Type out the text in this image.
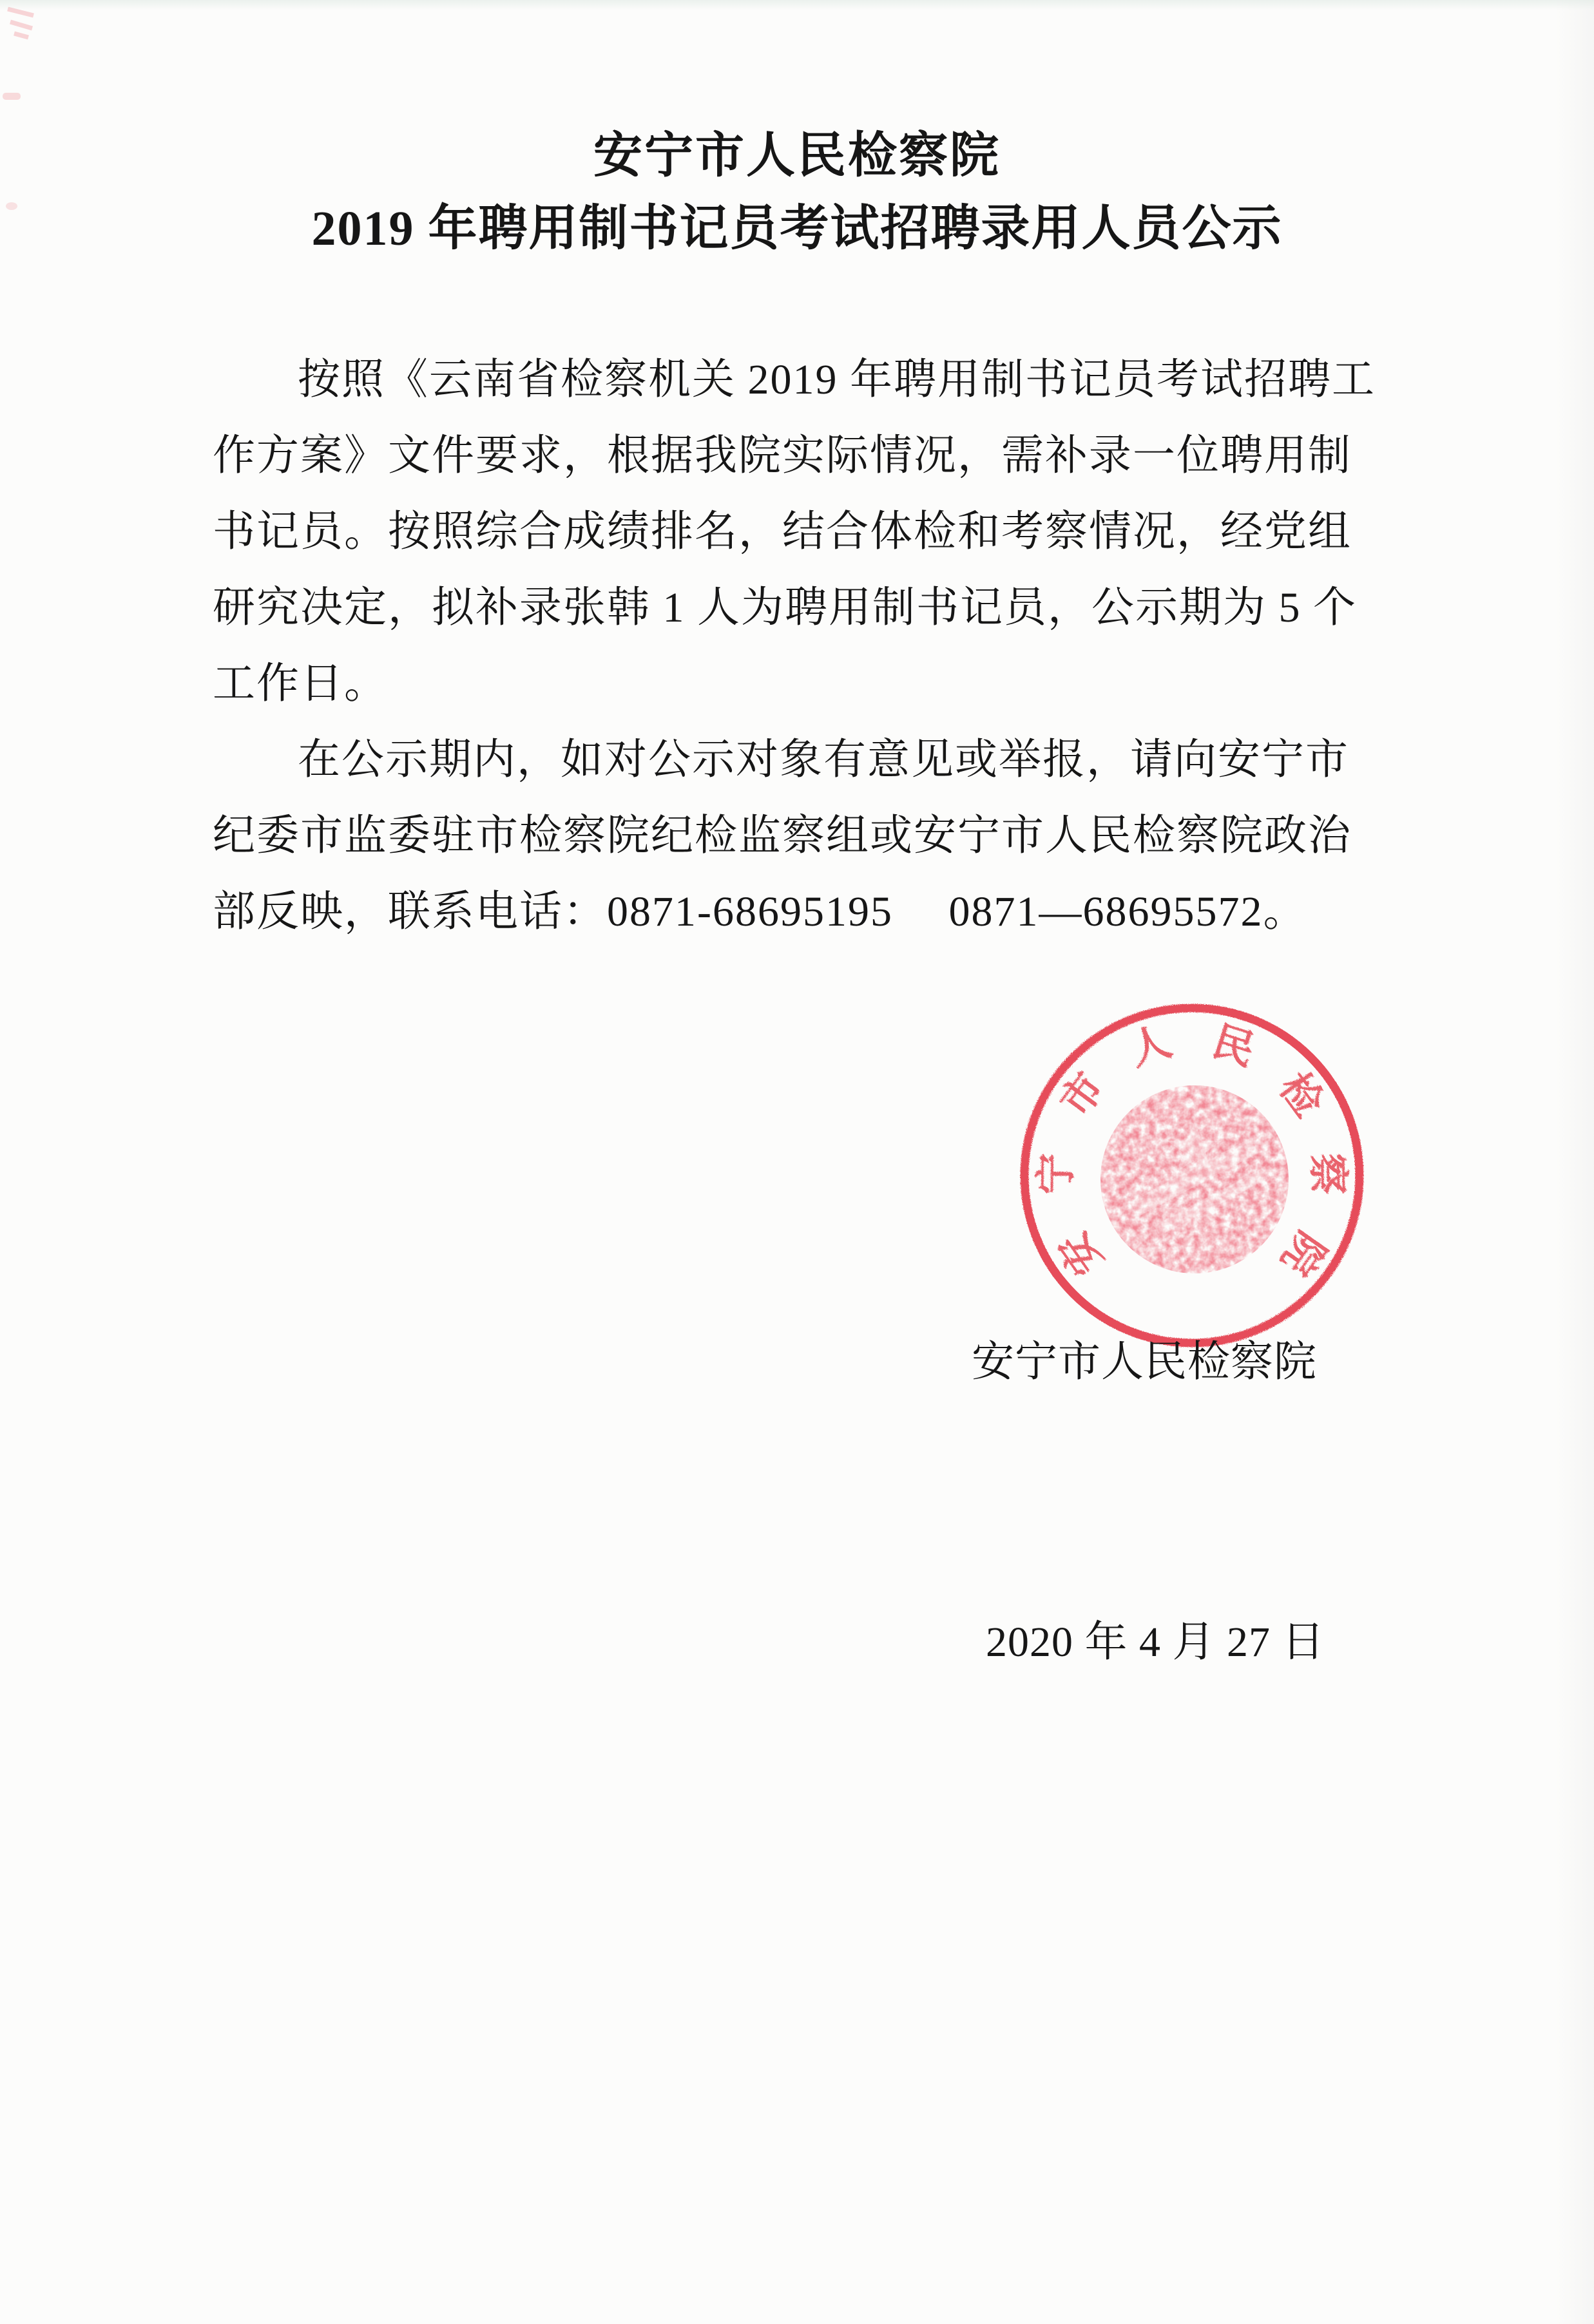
安宁市人民检察院
2019 年聘用制书记员考试招聘录用人员公示
按照《云南省检察机关 2019 年聘用制书记员考试招聘工
作方案》文件要求，根据我院实际情况，需补录一位聘用制
书记员。按照综合成绩排名，结合体检和考察情况，经党组
研究决定，拟补录张韩 1 人为聘用制书记员，公示期为 5 个
工作日。
在公示期内，如对公示对象有意见或举报，请向安宁市
纪委市监委驻市检察院纪检监察组或安宁市人民检察院政治
部反映，联系电话：0871-68695195　 0871—68695572。
安
宁
市
人 民
检
察
院

安宁市人民检察院

2020 年 4 月 27 日
